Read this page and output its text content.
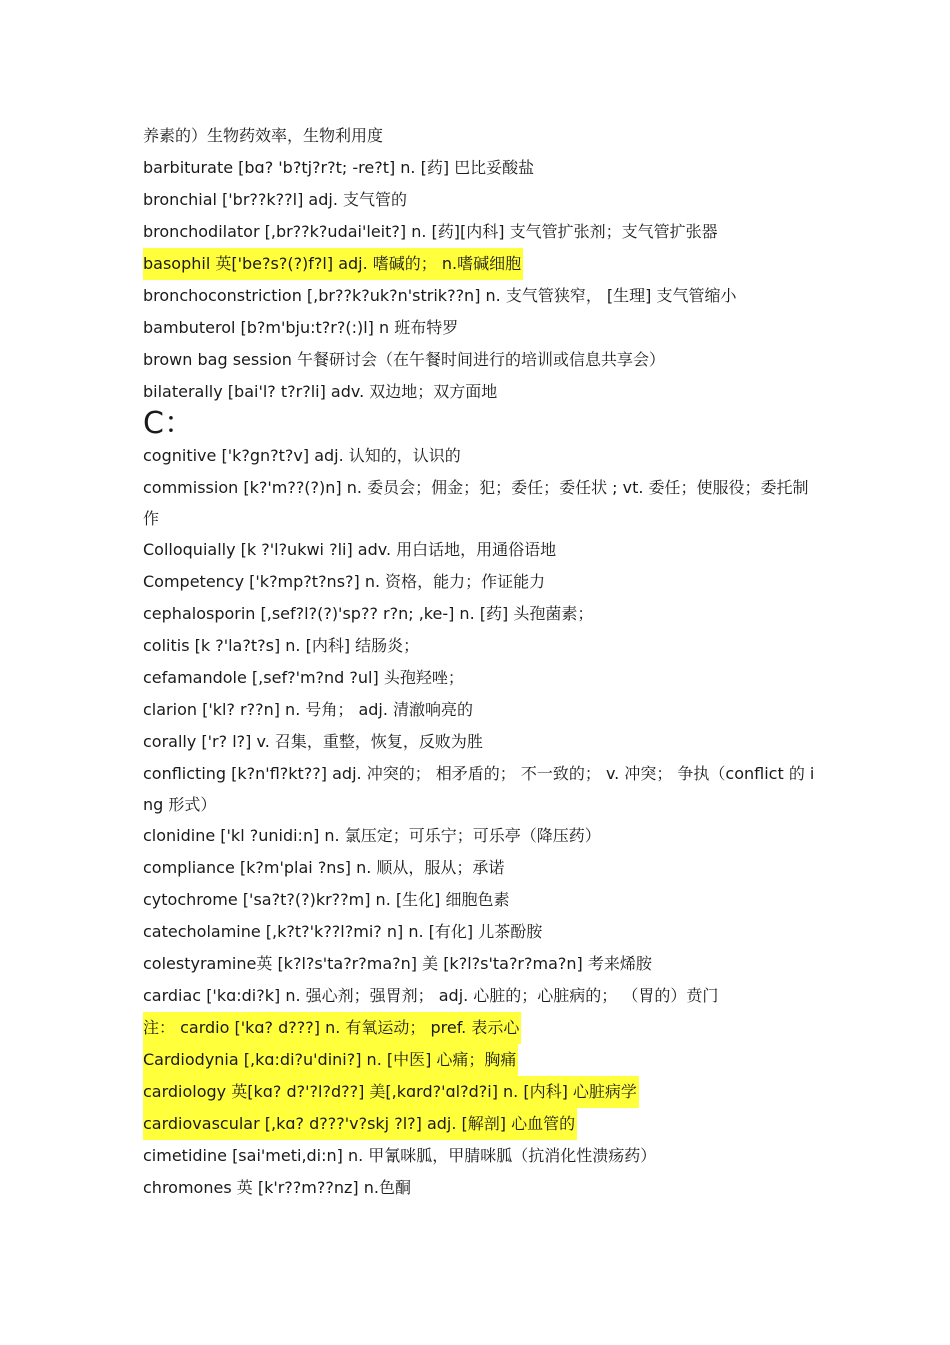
养素的）生物药效率，生物利用度
barbiturate [bɑ? 'b?tj?r?t; -re?t] n. [药] 巴比妥酸盐
bronchial ['br??k??l] adj. 支气管的
bronchodilator [,br??k?udai'leit?] n. [药][内科] 支气管扩张剂；支气管扩张器
basophil 英['be?s?(?)f?l] adj. 嗜碱的； n.嗜碱细胞
bronchoconstriction [,br??k?uk?n'strik??n] n. 支气管狭窄， [生理] 支气管缩小
bambuterol [b?m'bju:t?r?(:)l] n 班布特罗
brown bag session 午餐研讨会（在午餐时间进行的培训或信息共享会）
bilaterally [bai'l? t?r?li] adv. 双边地；双方面地
C：
cognitive ['k?gn?t?v] adj. 认知的，认识的
commission [k?'m??(?)n] n. 委员会；佣金；犯；委任；委任状 ; vt. 委任；使服役；委托制作
Colloquially [k ?'l?ukwi ?li] adv. 用白话地，用通俗语地
Competency ['k?mp?t?ns?] n. 资格，能力；作证能力
cephalosporin [,sef?l?(?)'sp?? r?n; ,ke-] n. [药] 头孢菌素；
colitis [k ?'la?t?s] n. [内科] 结肠炎；
cefamandole [,sef?'m?nd ?ul] 头孢羟唑；
clarion ['kl? r??n] n. 号角； adj. 清澈响亮的
corally ['r? l?] v. 召集，重整，恢复，反败为胜
conflicting [k?n'fl?kt??] adj. 冲突的； 相矛盾的； 不一致的； v. 冲突； 争执（conflict 的 ing 形式）
clonidine ['kl ?unidi:n] n. 氯压定；可乐宁；可乐亭（降压药）
compliance [k?m'plai ?ns] n. 顺从，服从；承诺
cytochrome ['sa?t?(?)kr??m] n. [生化] 细胞色素
catecholamine [,k?t?'k??l?mi? n] n. [有化] 儿茶酚胺
colestyramine英 [k?l?s'ta?r?ma?n] 美 [k?l?s'ta?r?ma?n] 考来烯胺
cardiac ['kɑ:di?k] n. 强心剂；强胃剂； adj. 心脏的；心脏病的； （胃的）贲门
注： cardio ['kɑ? d???] n. 有氧运动； pref. 表示心
Cardiodynia [,kɑ:di?u'dini?] n. [中医] 心痛；胸痛
cardiology 英[kɑ? d?'?l?d??] 美[,kɑrd?'ɑl?d?i] n. [内科] 心脏病学
cardiovascular [,kɑ? d???'v?skj ?l?] adj. [解剖] 心血管的
cimetidine [sai'meti,di:n] n. 甲氰咪胍，甲腈咪胍（抗消化性溃疡药）
chromones 英 [k'r??m??nz] n.色酮
